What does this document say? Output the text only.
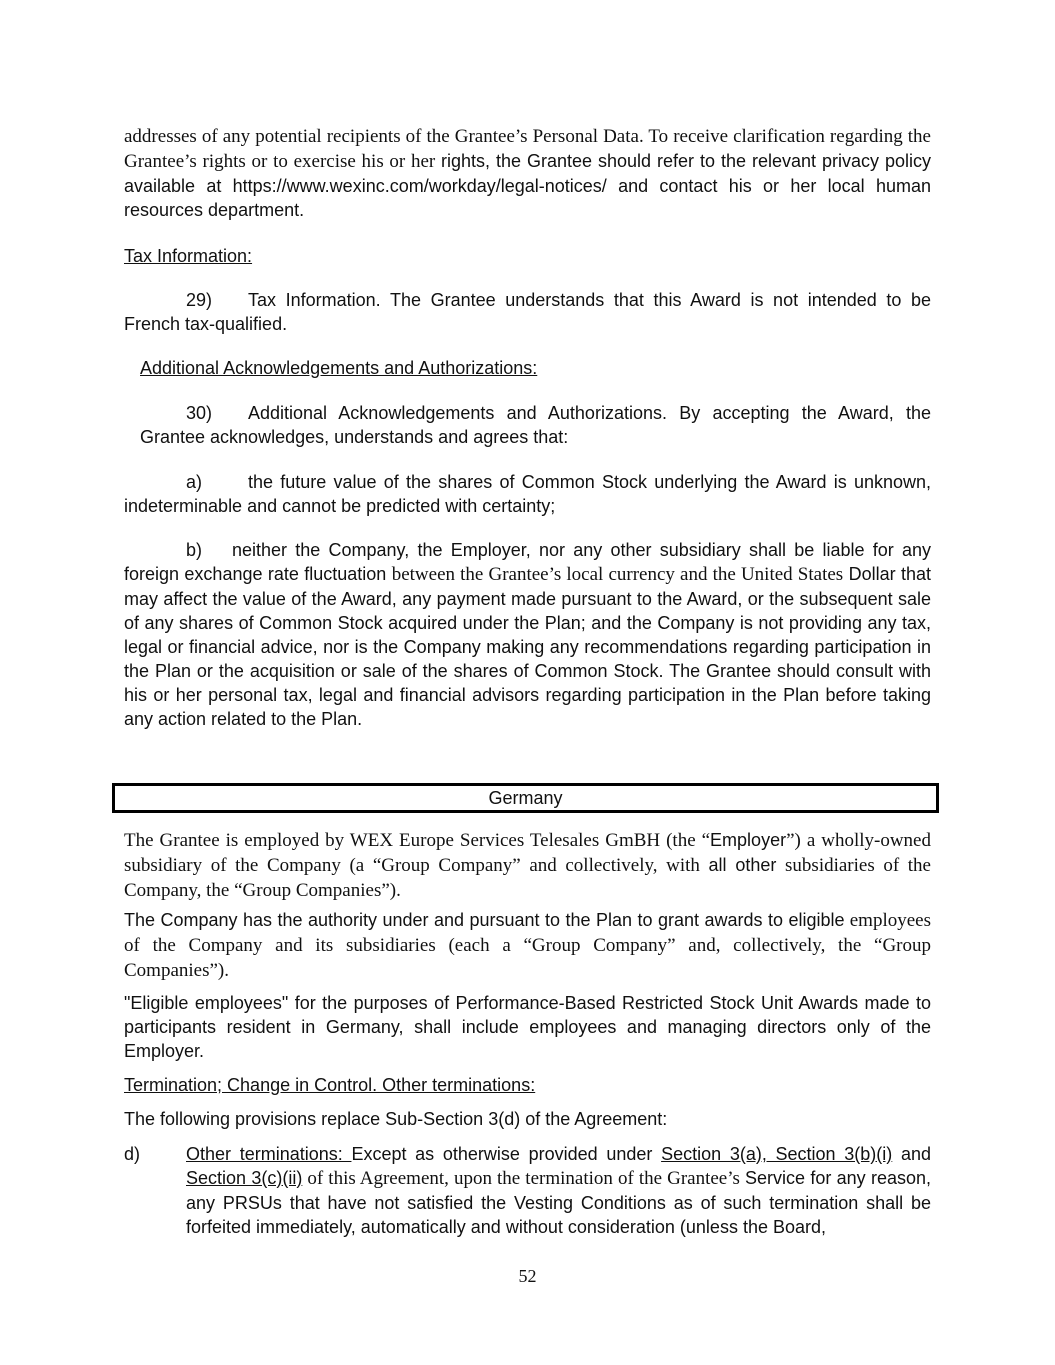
addresses of any potential recipients of the Grantee’s Personal Data. To receive clarification regarding the Grantee’s rights or to exercise his or her rights, the Grantee should refer to the relevant privacy policy available at https://www.wexinc.com/workday/legal-notices/ and contact his or her local human resources department.
Tax Information:
29) Tax Information. The Grantee understands that this Award is not intended to be French tax-qualified.
Additional Acknowledgements and Authorizations:
30) Additional Acknowledgements and Authorizations. By accepting the Award, the Grantee acknowledges, understands and agrees that:
a)	the future value of the shares of Common Stock underlying the Award is unknown, indeterminable and cannot be predicted with certainty;
b) neither the Company, the Employer, nor any other subsidiary shall be liable for any foreign exchange rate fluctuation between the Grantee’s local currency and the United States Dollar that may affect the value of the Award, any payment made pursuant to the Award, or the subsequent sale of any shares of Common Stock acquired under the Plan; and the Company is not providing any tax, legal or financial advice, nor is the Company making any recommendations regarding participation in the Plan or the acquisition or sale of the shares of Common Stock. The Grantee should consult with his or her personal tax, legal and financial advisors regarding participation in the Plan before taking any action related to the Plan.
Germany
The Grantee is employed by WEX Europe Services Telesales GmBH (the “Employer”) a wholly-owned subsidiary of the Company (a “Group Company” and collectively, with all other subsidiaries of the Company, the “Group Companies”).
The Company has the authority under and pursuant to the Plan to grant awards to eligible employees of the Company and its subsidiaries (each a “Group Company” and, collectively, the “Group Companies”).
"Eligible employees" for the purposes of Performance-Based Restricted Stock Unit Awards made to participants resident in Germany, shall include employees and managing directors only of the Employer.
Termination; Change in Control. Other terminations:
The following provisions replace Sub-Section 3(d) of the Agreement:
d)	Other terminations: Except as otherwise provided under Section 3(a), Section 3(b)(i) and Section 3(c)(ii) of this Agreement, upon the termination of the Grantee’s Service for any reason, any PRSUs that have not satisfied the Vesting Conditions as of such termination shall be forfeited immediately, automatically and without consideration (unless the Board,
52
